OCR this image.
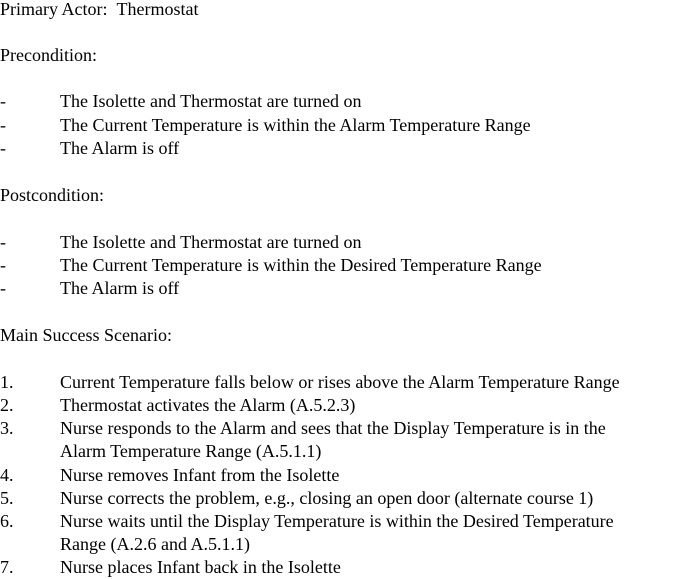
Primary Actor: Thermostat
Precondition:
-	The Isolette and Thermostat are turned on
-	The Current Temperature is within the Alarm Temperature Range
-	The Alarm is off
Postcondition:
-	The Isolette and Thermostat are turned on
-	The Current Temperature is within the Desired Temperature Range
-	The Alarm is off
Main Success Scenario:
1.	Current Temperature falls below or rises above the Alarm Temperature Range
2.	Thermostat activates the Alarm (A.5.2.3)
3.	Nurse responds to the Alarm and sees that the Display Temperature is in the
Alarm Temperature Range (A.5.1.1)
4.	Nurse removes Infant from the Isolette
5.	Nurse corrects the problem, e.g., closing an open door (alternate course 1)
6.	Nurse waits until the Display Temperature is within the Desired Temperature
Range (A.2.6 and A.5.1.1)
7.	Nurse places Infant back in the Isolette
